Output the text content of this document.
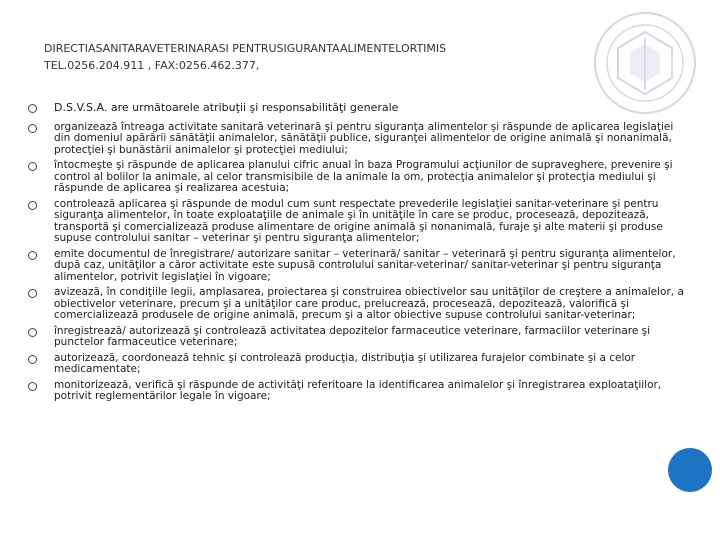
DIRECTIASANITARAVETERINARASI PENTRUSIGURANTAALIMENTELORTIMIS
TEL.0256.204.911 , FAX:0256.462.377,
D.S.V.S.A. are următoarele atribuţii şi responsabilităţi generale
organizează întreaga activitate sanitară veterinară şi pentru siguranţa alimentelor şi răspunde de aplicarea legislaţiei din domeniul apărării sănătăţii animalelor, sănătăţii publice, siguranţei alimentelor de origine animală şi nonanimală, protecţiei şi bunăstării animalelor şi protecţiei mediului;
întocmeşte şi răspunde de aplicarea planului cifric anual în baza Programului acţiunilor de supraveghere, prevenire şi control al bolilor la animale, al celor transmisibile de la animale la om, protecţia animalelor şi protecţia mediului şi răspunde de aplicarea şi realizarea acestuia;
controlează aplicarea şi răspunde de modul cum sunt respectate prevederile legislaţiei sanitar-veterinare şi pentru siguranţa alimentelor, în toate exploataţiile de animale şi în unităţile în care se produc, procesează, depozitează, transportă şi comercializează produse alimentare de origine animală şi nonanimală, furaje şi alte materii şi produse supuse controlului sanitar – veterinar şi pentru siguranţa alimentelor;
emite documentul de înregistrare/ autorizare sanitar – veterinară/ sanitar – veterinară şi pentru siguranţa alimentelor, după caz, unităţilor a căror activitate este supusă controlului sanitar-veterinar/ sanitar-veterinar şi pentru siguranţa alimentelor, potrivit legislaţiei în vigoare;
avizează, în condiţiile legii, amplasarea, proiectarea şi construirea obiectivelor sau unităţilor de creştere a animalelor, a obiectivelor veterinare, precum şi a unităţilor care produc, prelucrează, procesează, depozitează, valorifică şi comercializează produsele de origine animală, precum şi a altor obiective supuse controlului sanitar-veterinar;
înregistrează/ autorizează şi controlează activitatea depozitelor farmaceutice veterinare, farmaciilor veterinare şi punctelor farmaceutice veterinare;
autorizează, coordonează tehnic şi controlează producţia, distribuţia şi utilizarea furajelor combinate şi a celor medicamentate;
monitorizează, verifică şi răspunde de activităţi referitoare la identificarea animalelor şi înregistrarea exploataţiilor, potrivit reglementărilor legale în vigoare;
